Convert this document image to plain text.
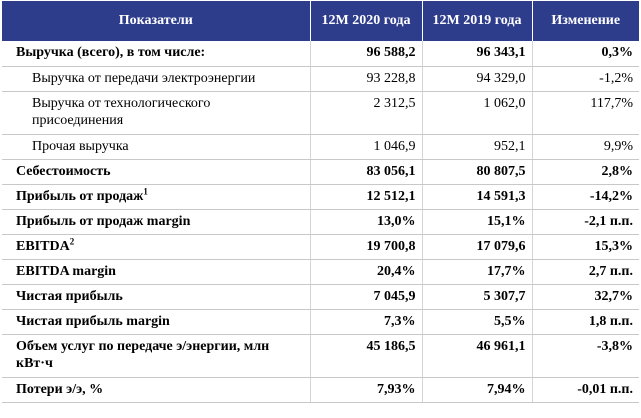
Показатели	12M 2020 года	12M 2019 года	Изменение
Выручка (всего), в том числе:	96 588,2	96 343,1	0,3%
Выручка от передачи электроэнергии	93 228,8	94 329,0	-1,2%
Выручка от технологического присоединения	2 312,5	1 062,0	117,7%
Прочая выручка	1 046,9	952,1	9,9%
Себестоимость	83 056,1	80 807,5	2,8%
Прибыль от продаж$^1$	12 512,1	14 591,3	-14,2%
Прибыль от продаж margin	13,0%	15,1%	-2,1 п.п.
EBITDA$^2$	19 700,8	17 079,6	15,3%
EBITDA margin	20,4%	17,7%	2,7 п.п.
Чистая прибыль	7 045,9	5 307,7	32,7%
Чистая прибыль margin	7,3%	5,5%	1,8 п.п.
Объем услуг по передаче э/энергии, млн кВт·ч	45 186,5	46 961,1	-3,8%
Потери э/э, %	7,93%	7,94%	-0,01 п.п.
